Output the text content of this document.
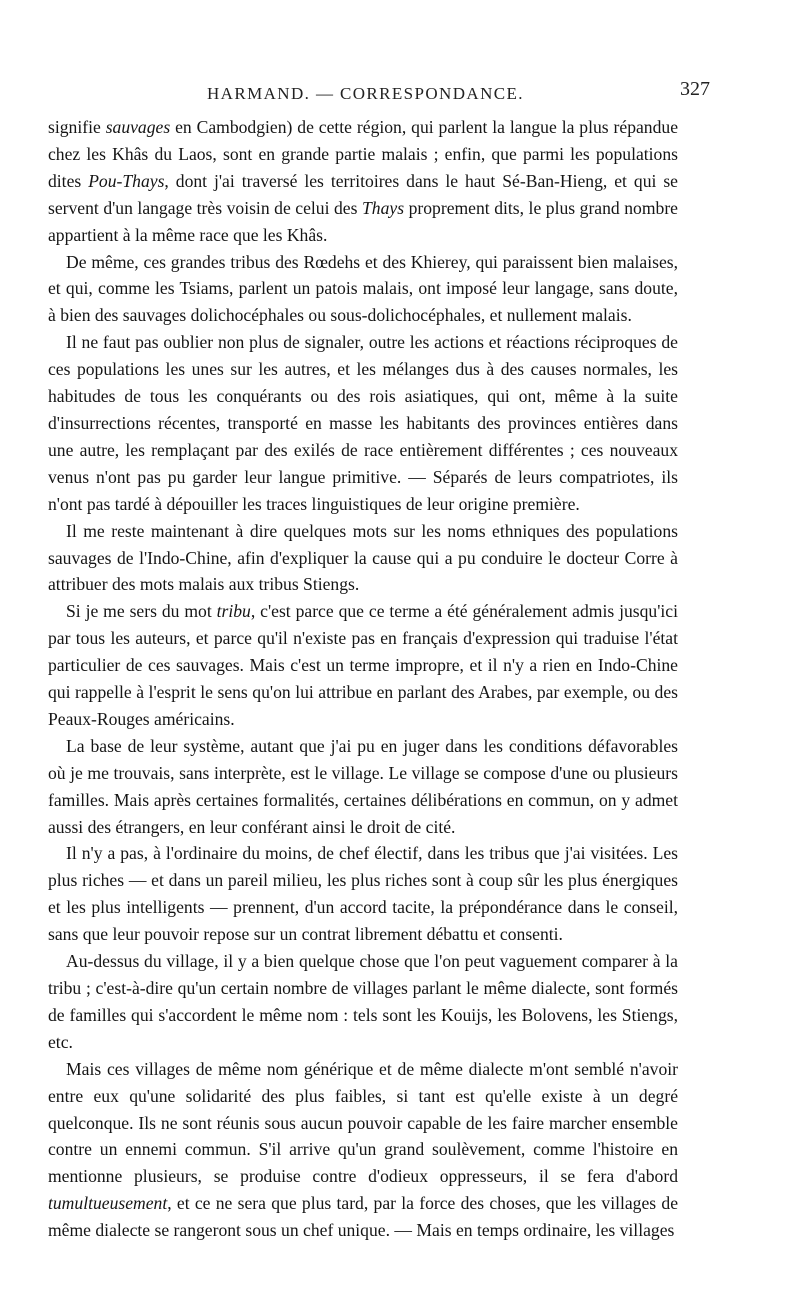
HARMAND. — CORRESPONDANCE.	327

signifie sauvages en Cambodgien) de cette région, qui parlent la langue la plus répandue chez les Khâs du Laos, sont en grande partie malais ; enfin, que parmi les populations dites Pou-Thays, dont j'ai traversé les territoires dans le haut Sé-Ban-Hieng, et qui se servent d'un langage très voisin de celui des Thays proprement dits, le plus grand nombre appartient à la même race que les Khâs.

De même, ces grandes tribus des Rœdehs et des Khierey, qui paraissent bien malaises, et qui, comme les Tsiams, parlent un patois malais, ont imposé leur langage, sans doute, à bien des sauvages dolichocéphales ou sous-dolichocéphales, et nullement malais.

Il ne faut pas oublier non plus de signaler, outre les actions et réactions réciproques de ces populations les unes sur les autres, et les mélanges dus à des causes normales, les habitudes de tous les conquérants ou des rois asiatiques, qui ont, même à la suite d'insurrections récentes, transporté en masse les habitants des provinces entières dans une autre, les remplaçant par des exilés de race entièrement différentes ; ces nouveaux venus n'ont pas pu garder leur langue primitive. — Séparés de leurs compatriotes, ils n'ont pas tardé à dépouiller les traces linguistiques de leur origine première.

Il me reste maintenant à dire quelques mots sur les noms ethniques des populations sauvages de l'Indo-Chine, afin d'expliquer la cause qui a pu conduire le docteur Corre à attribuer des mots malais aux tribus Stiengs.

Si je me sers du mot tribu, c'est parce que ce terme a été généralement admis jusqu'ici par tous les auteurs, et parce qu'il n'existe pas en français d'expression qui traduise l'état particulier de ces sauvages. Mais c'est un terme impropre, et il n'y a rien en Indo-Chine qui rappelle à l'esprit le sens qu'on lui attribue en parlant des Arabes, par exemple, ou des Peaux-Rouges américains.

La base de leur système, autant que j'ai pu en juger dans les conditions défavorables où je me trouvais, sans interprète, est le village. Le village se compose d'une ou plusieurs familles. Mais après certaines formalités, certaines délibérations en commun, on y admet aussi des étrangers, en leur conférant ainsi le droit de cité.

Il n'y a pas, à l'ordinaire du moins, de chef électif, dans les tribus que j'ai visitées. Les plus riches — et dans un pareil milieu, les plus riches sont à coup sûr les plus énergiques et les plus intelligents — prennent, d'un accord tacite, la prépondérance dans le conseil, sans que leur pouvoir repose sur un contrat librement débattu et consenti.

Au-dessus du village, il y a bien quelque chose que l'on peut vaguement comparer à la tribu ; c'est-à-dire qu'un certain nombre de villages parlant le même dialecte, sont formés de familles qui s'accordent le même nom : tels sont les Kouijs, les Bolovens, les Stiengs, etc.

Mais ces villages de même nom générique et de même dialecte m'ont semblé n'avoir entre eux qu'une solidarité des plus faibles, si tant est qu'elle existe à un degré quelconque. Ils ne sont réunis sous aucun pouvoir capable de les faire marcher ensemble contre un ennemi commun. S'il arrive qu'un grand soulèvement, comme l'histoire en mentionne plusieurs, se produise contre d'odieux oppresseurs, il se fera d'abord tumultueusement, et ce ne sera que plus tard, par la force des choses, que les villages de même dialecte se rangeront sous un chef unique. — Mais en temps ordinaire, les villages
